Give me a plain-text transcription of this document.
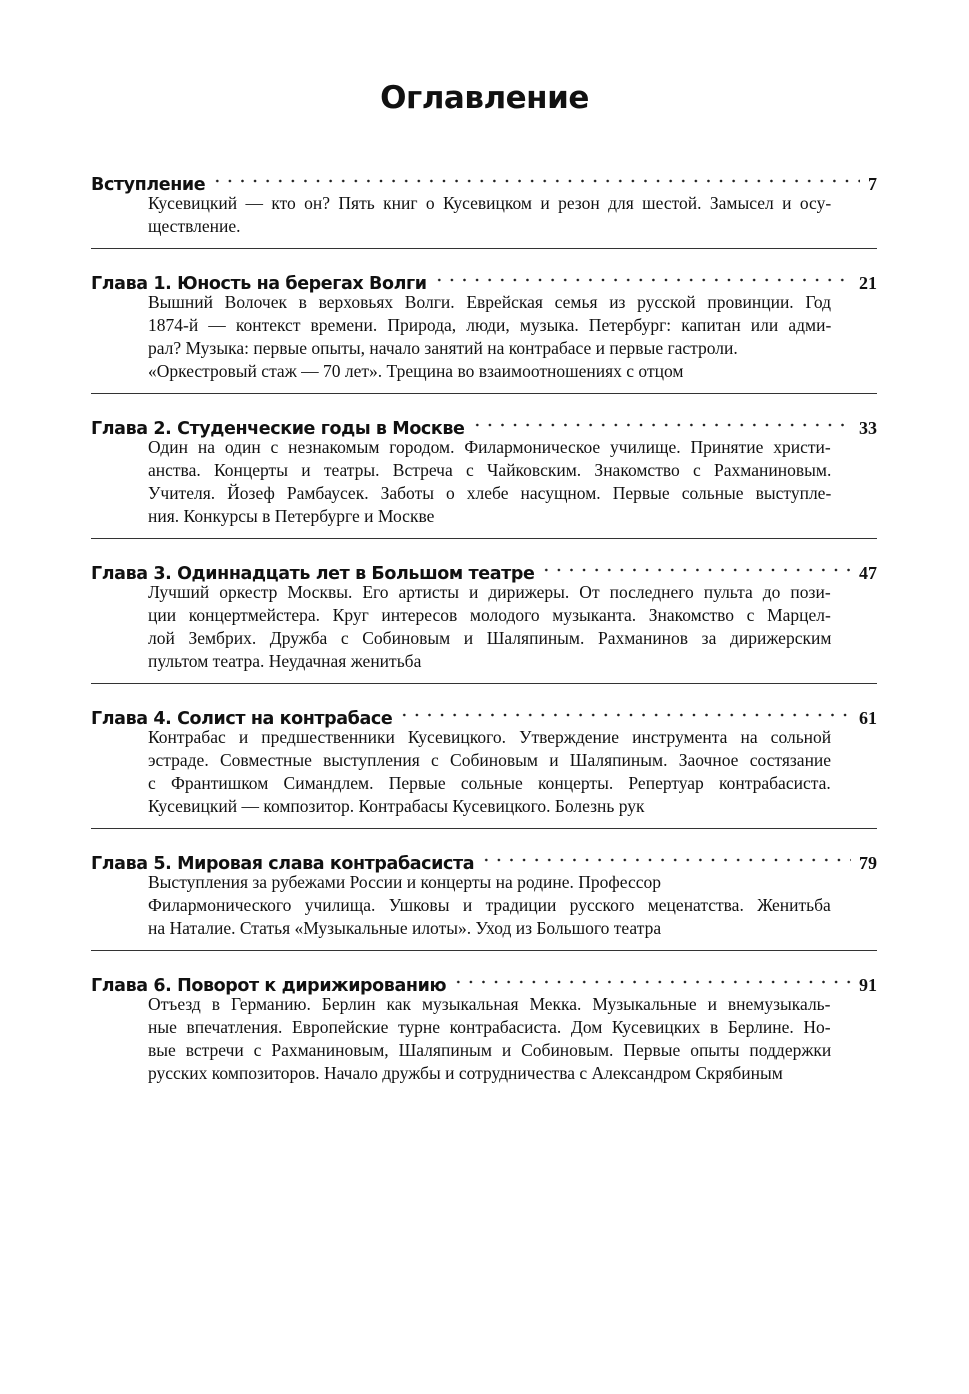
Оглавление
Вступление	7
Кусевицкий — кто он? Пять книг о Кусевицком и резон для шестой. Замысел и осу-
ществление.
Глава 1. Юность на берегах Волги	21
Вышний Волочек в верховьях Волги. Еврейская семья из русской провинции. Год
1874-й — контекст времени. Природа, люди, музыка. Петербург: капитан или адми-
рал? Музыка: первые опыты, начало занятий на контрабасе и первые гастроли.
«Оркестровый стаж — 70 лет». Трещина во взаимоотношениях с отцом
Глава 2. Студенческие годы в Москве	33
Один на один с незнакомым городом. Филармоническое училище. Принятие христи-
анства. Концерты и театры. Встреча с Чайковским. Знакомство с Рахманиновым.
Учителя. Йозеф Рамбаусек. Заботы о хлебе насущном. Первые сольные выступле-
ния. Конкурсы в Петербурге и Москве
Глава 3. Одиннадцать лет в Большом театре	47
Лучший оркестр Москвы. Его артисты и дирижеры. От последнего пульта до пози-
ции концертмейстера. Круг интересов молодого музыканта. Знакомство с Марцел-
лой Зембрих. Дружба с Собиновым и Шаляпиным. Рахманинов за дирижерским
пультом театра. Неудачная женитьба
Глава 4. Солист на контрабасе	61
Контрабас и предшественники Кусевицкого. Утверждение инструмента на сольной
эстраде. Совместные выступления с Собиновым и Шаляпиным. Заочное состязание
с Франтишком Симандлем. Первые сольные концерты. Репертуар контрабасиста.
Кусевицкий — композитор. Контрабасы Кусевицкого. Болезнь рук
Глава 5. Мировая слава контрабасиста	79
Выступления за рубежами России и концерты на родине. Профессор
Филармонического училища. Ушковы и традиции русского меценатства. Женитьба
на Наталие. Статья «Музыкальные илоты». Уход из Большого театра
Глава 6. Поворот к дирижированию	91
Отъезд в Германию. Берлин как музыкальная Мекка. Музыкальные и внемузыкаль-
ные впечатления. Европейские турне контрабасиста. Дом Кусевицких в Берлине. Но-
вые встречи с Рахманиновым, Шаляпиным и Собиновым. Первые опыты поддержки
русских композиторов. Начало дружбы и сотрудничества с Александром Скрябиным
